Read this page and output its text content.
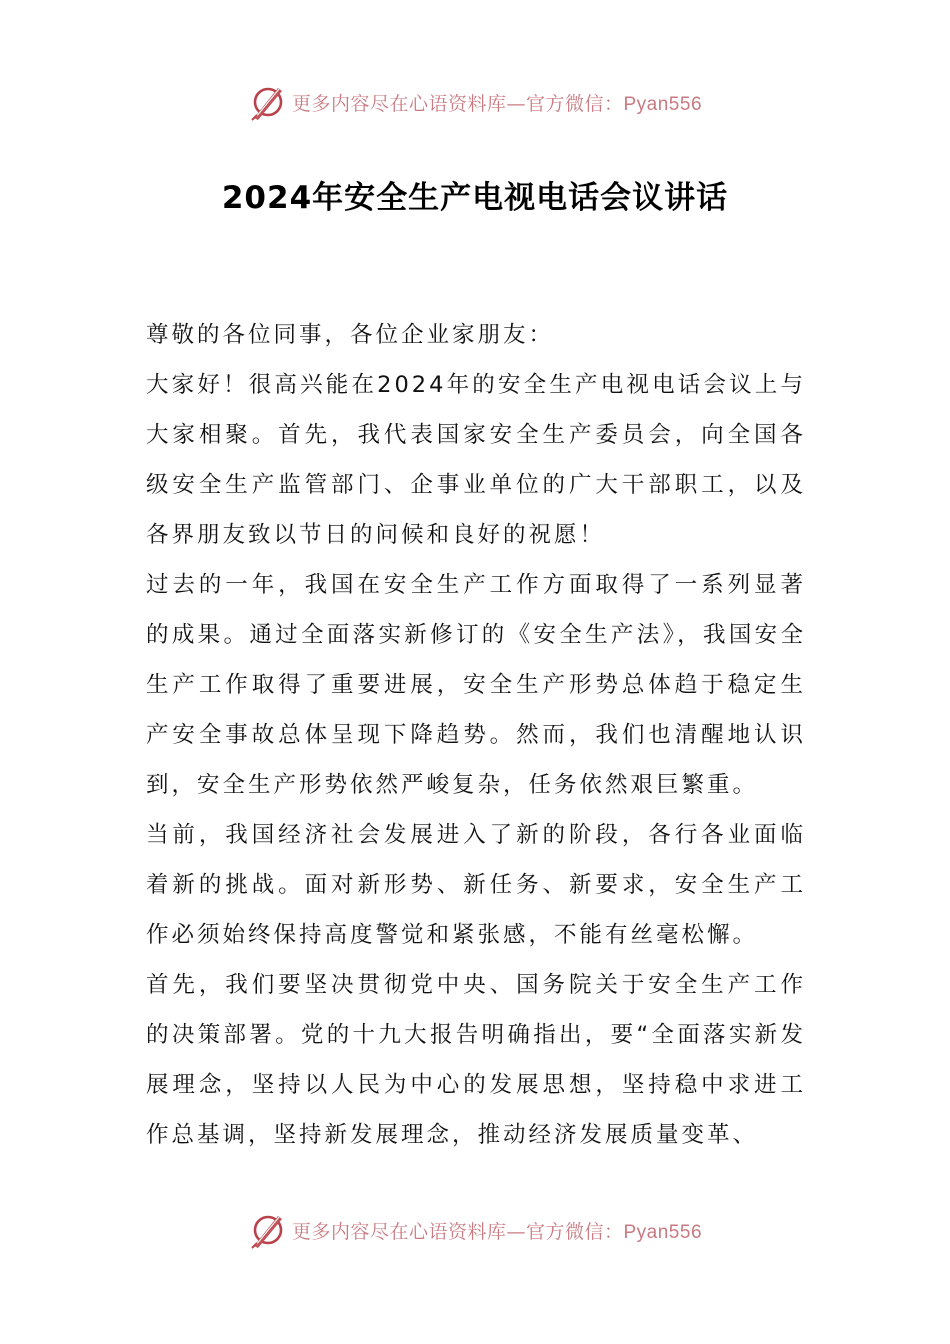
更多内容尽在心语资料库—官方微信：Pyan556
2024年安全生产电视电话会议讲话

尊敬的各位同事，各位企业家朋友：

大家好！很高兴能在2024年的安全生产电视电话会议上与大家相聚。首先，我代表国家安全生产委员会，向全国各级安全生产监管部门、企事业单位的广大干部职工，以及各界朋友致以节日的问候和良好的祝愿！

过去的一年，我国在安全生产工作方面取得了一系列显著的成果。通过全面落实新修订的《安全生产法》，我国安全生产工作取得了重要进展，安全生产形势总体趋于稳定生产安全事故总体呈现下降趋势。然而，我们也清醒地认识到，安全生产形势依然严峻复杂，任务依然艰巨繁重。

当前，我国经济社会发展进入了新的阶段，各行各业面临着新的挑战。面对新形势、新任务、新要求，安全生产工作必须始终保持高度警觉和紧张感，不能有丝毫松懈。

首先，我们要坚决贯彻党中央、国务院关于安全生产工作的决策部署。党的十九大报告明确指出，要“全面落实新发展理念，坚持以人民为中心的发展思想，坚持稳中求进工作总基调，坚持新发展理念，推动经济发展质量变革、

更多内容尽在心语资料库—官方微信：Pyan556
